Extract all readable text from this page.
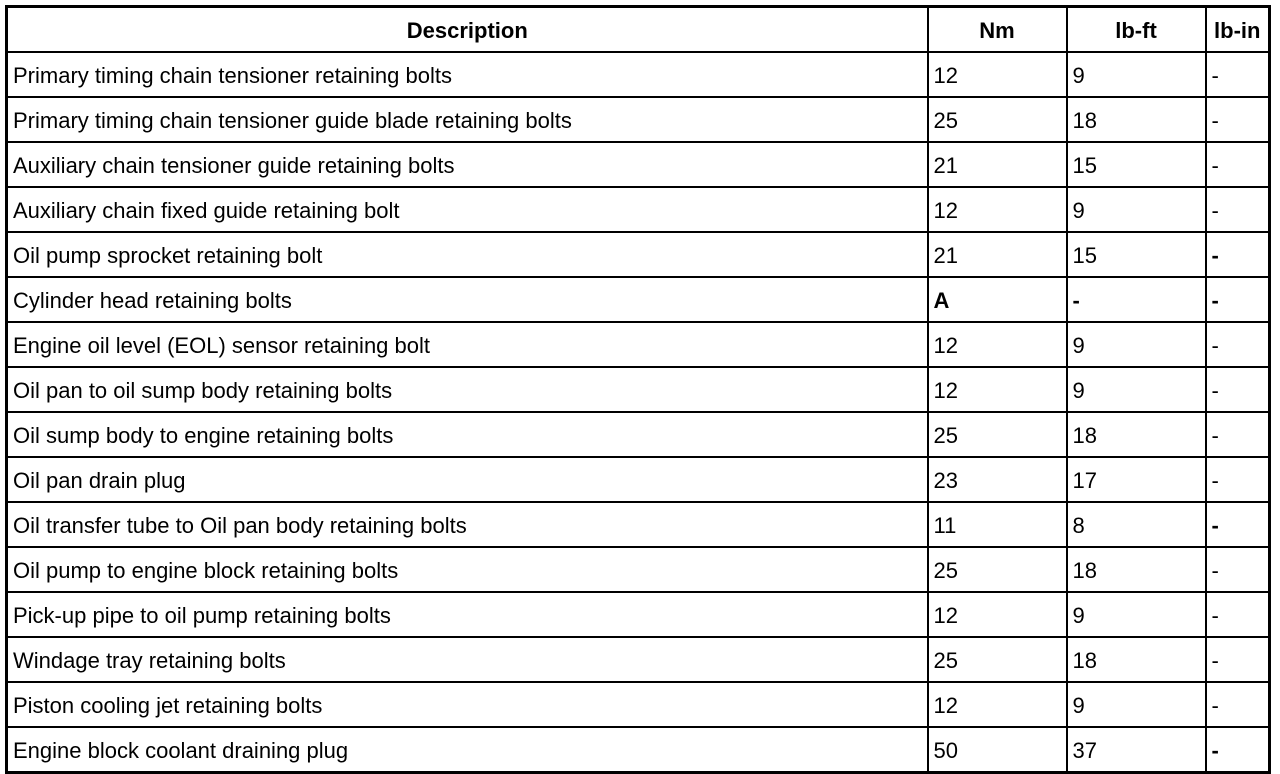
Description	Nm	lb-ft	lb-in
Primary timing chain tensioner retaining bolts	12	9	-
Primary timing chain tensioner guide blade retaining bolts	25	18	-
Auxiliary chain tensioner guide retaining bolts	21	15	-
Auxiliary chain fixed guide retaining bolt	12	9	-
Oil pump sprocket retaining bolt	21	15	-
Cylinder head retaining bolts	A	-	-
Engine oil level (EOL) sensor retaining bolt	12	9	-
Oil pan to oil sump body retaining bolts	12	9	-
Oil sump body to engine retaining bolts	25	18	-
Oil pan drain plug	23	17	-
Oil transfer tube to Oil pan body retaining bolts	11	8	-
Oil pump to engine block retaining bolts	25	18	-
Pick-up pipe to oil pump retaining bolts	12	9	-
Windage tray retaining bolts	25	18	-
Piston cooling jet retaining bolts	12	9	-
Engine block coolant draining plug	50	37	-
